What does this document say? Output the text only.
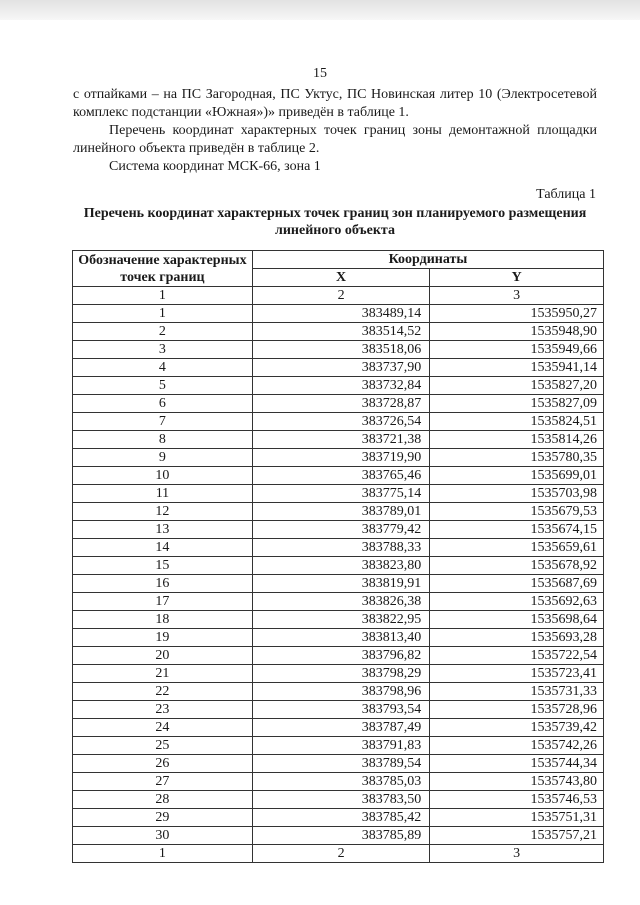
15

с отпайками – на ПС Загородная, ПС Уктус, ПС Новинская литер 10 (Электросетевой комплекс подстанции «Южная»)» приведён в таблице 1.

Перечень координат характерных точек границ зоны демонтажной площадки линейного объекта приведён в таблице 2.

Система координат МСК-66, зона 1

Таблица 1
Перечень координат характерных точек границ зон планируемого размещения линейного объекта
Обозначение характерных точек границ	Координаты	
	X	Y
1	2	3
1	383489,14	1535950,27
2	383514,52	1535948,90
3	383518,06	1535949,66
4	383737,90	1535941,14
5	383732,84	1535827,20
6	383728,87	1535827,09
7	383726,54	1535824,51
8	383721,38	1535814,26
9	383719,90	1535780,35
10	383765,46	1535699,01
11	383775,14	1535703,98
12	383789,01	1535679,53
13	383779,42	1535674,15
14	383788,33	1535659,61
15	383823,80	1535678,92
16	383819,91	1535687,69
17	383826,38	1535692,63
18	383822,95	1535698,64
19	383813,40	1535693,28
20	383796,82	1535722,54
21	383798,29	1535723,41
22	383798,96	1535731,33
23	383793,54	1535728,96
24	383787,49	1535739,42
25	383791,83	1535742,26
26	383789,54	1535744,34
27	383785,03	1535743,80
28	383783,50	1535746,53
29	383785,42	1535751,31
30	383785,89	1535757,21
1	2	3
